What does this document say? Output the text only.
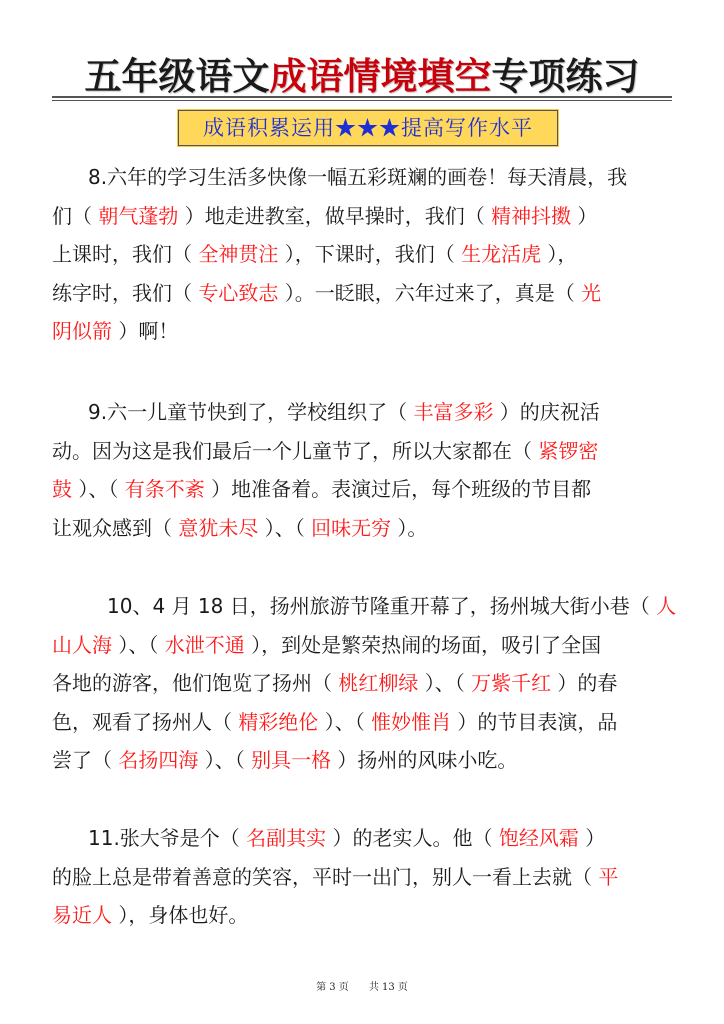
五年级语文成语情境填空专项练习
成语积累运用★★★提高写作水平
8.六年的学习生活多快像一幅五彩斑斓的画卷！每天清晨，我
们（ 朝气蓬勃 ）地走进教室，做早操时，我们（ 精神抖擞 ）
上课时，我们（ 全神贯注 ），下课时，我们（ 生龙活虎 ），
练字时，我们（ 专心致志 ）。一眨眼，六年过来了，真是（ 光
阴似箭 ）啊！
9.六一儿童节快到了，学校组织了（ 丰富多彩 ）的庆祝活
动。因为这是我们最后一个儿童节了，所以大家都在（ 紧锣密
鼓 ）、（ 有条不紊 ）地准备着。表演过后，每个班级的节目都
让观众感到（ 意犹未尽 ）、（ 回味无穷 ）。
10、4 月 18 日，扬州旅游节隆重开幕了，扬州城大街小巷（ 人
山人海 ）、（ 水泄不通 ），到处是繁荣热闹的场面，吸引了全国
各地的游客，他们饱览了扬州（ 桃红柳绿 ）、（ 万紫千红 ）的春
色，观看了扬州人（ 精彩绝伦 ）、（ 惟妙惟肖 ）的节目表演，品
尝了（ 名扬四海 ）、（ 别具一格 ）扬州的风味小吃。
11.张大爷是个（ 名副其实 ）的老实人。他（ 饱经风霜 ）
的脸上总是带着善意的笑容，平时一出门，别人一看上去就（ 平
易近人 ），身体也好。
第 3 页 共 13 页
